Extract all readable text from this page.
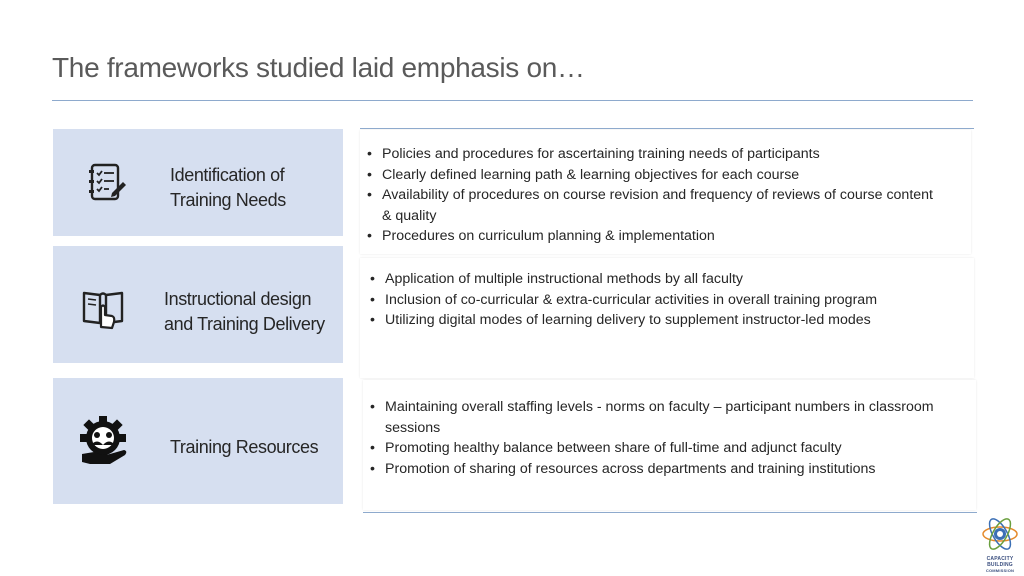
The frameworks studied laid emphasis on…
Identification of
Training Needs
• Policies and procedures for ascertaining training needs of participants
• Clearly defined learning path & learning objectives for each course
• Availability of procedures on course revision and frequency of reviews of course content & quality
• Procedures on curriculum planning & implementation
Instructional design
and Training Delivery
• Application of multiple instructional methods by all faculty
• Inclusion of co-curricular & extra-curricular activities in overall training program
• Utilizing digital modes of learning delivery to supplement instructor-led modes
Training Resources
• Maintaining overall staffing levels - norms on faculty – participant numbers in classroom sessions
• Promoting healthy balance between share of full-time and adjunct faculty
• Promotion of sharing of resources across departments and training institutions
CAPACITY
BUILDING
COMMISSION
